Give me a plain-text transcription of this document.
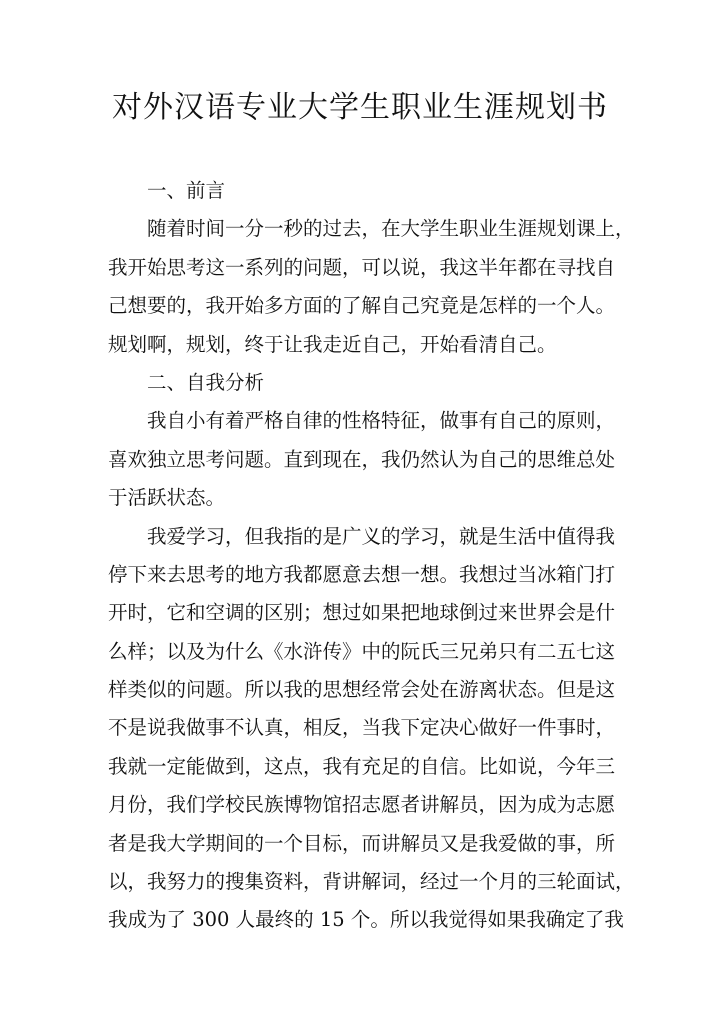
对外汉语专业大学生职业生涯规划书
一、前言
随着时间一分一秒的过去，在大学生职业生涯规划课上，
我开始思考这一系列的问题，可以说，我这半年都在寻找自
己想要的，我开始多方面的了解自己究竟是怎样的一个人。
规划啊，规划，终于让我走近自己，开始看清自己。
二、自我分析
我自小有着严格自律的性格特征，做事有自己的原则，
喜欢独立思考问题。直到现在，我仍然认为自己的思维总处
于活跃状态。
我爱学习，但我指的是广义的学习，就是生活中值得我
停下来去思考的地方我都愿意去想一想。我想过当冰箱门打
开时，它和空调的区别；想过如果把地球倒过来世界会是什
么样；以及为什么《水浒传》中的阮氏三兄弟只有二五七这
样类似的问题。所以我的思想经常会处在游离状态。但是这
不是说我做事不认真，相反，当我下定决心做好一件事时，
我就一定能做到，这点，我有充足的自信。比如说，今年三
月份，我们学校民族博物馆招志愿者讲解员，因为成为志愿
者是我大学期间的一个目标，而讲解员又是我爱做的事，所
以，我努力的搜集资料，背讲解词，经过一个月的三轮面试，
我成为了 300 人最终的 15 个。所以我觉得如果我确定了我
